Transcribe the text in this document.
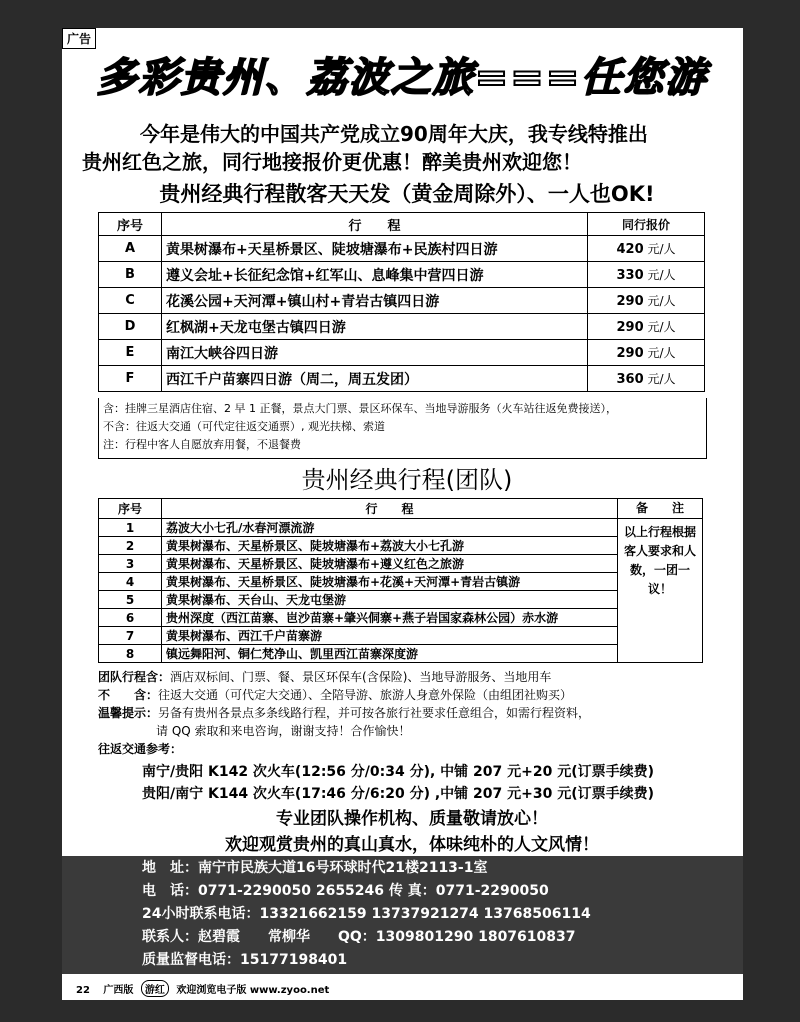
广告
多彩贵州、荔波之旅===任您游
今年是伟大的中国共产党成立90周年大庆，我专线特推出
贵州红色之旅，同行地接报价更优惠！醉美贵州欢迎您！
贵州经典行程散客天天发（黄金周除外）、一人也OK!
序号	行　　程	同行报价
A	黄果树瀑布+天星桥景区、陡坡塘瀑布+民族村四日游	420 元/人
B	遵义会址+长征纪念馆+红军山、息峰集中营四日游	330 元/人
C	花溪公园+天河潭+镇山村+青岩古镇四日游	290 元/人
D	红枫湖+天龙屯堡古镇四日游	290 元/人
E	南江大峡谷四日游	290 元/人
F	西江千户苗寨四日游（周二，周五发团）	360 元/人
含：挂牌三星酒店住宿、2 早 1 正餐，景点大门票、景区环保车、当地导游服务（火车站往返免费接送），
不含：往返大交通（可代定往返交通票）, 观光扶梯、索道
注：行程中客人自愿放弃用餐，不退餐费
贵州经典行程(团队)
序号	行　　程	备　　注
1	荔波大小七孔/水春河漂流游	以上行程根据客人要求和人数，一团一议！
2	黄果树瀑布、天星桥景区、陡坡塘瀑布+荔波大小七孔游	
3	黄果树瀑布、天星桥景区、陡坡塘瀑布+遵义红色之旅游	
4	黄果树瀑布、天星桥景区、陡坡塘瀑布+花溪+天河潭+青岩古镇游	
5	黄果树瀑布、天台山、天龙屯堡游	
6	贵州深度（西江苗寨、岜沙苗寨+肇兴侗寨+燕子岩国家森林公园）赤水游	
7	黄果树瀑布、西江千户苗寨游	
8	镇远舞阳河、铜仁梵净山、凯里西江苗寨深度游	
团队行程含：酒店双标间、门票、餐、景区环保车(含保险)、当地导游服务、当地用车
不　　含：往返大交通（可代定大交通）、全陪导游、旅游人身意外保险（由组团社购买）
温馨提示：另备有贵州各景点多条线路行程，并可按各旅行社要求任意组合，如需行程资料，
请 QQ 索取和来电咨询，谢谢支持！合作愉快！
往返交通参考：
南宁/贵阳 K142 次火车(12:56 分/0:34 分), 中铺 207 元+20 元(订票手续费)
贵阳/南宁 K144 次火车(17:46 分/6:20 分) ,中铺 207 元+30 元(订票手续费)
专业团队操作机构、质量敬请放心！
欢迎观赏贵州的真山真水，体味纯朴的人文风情！
地　址：南宁市民族大道16号环球时代21楼2113-1室
电　话：0771-2290050 2655246 传 真：0771-2290050
24小时联系电话：13321662159 13737921274 13768506114
联系人：赵碧霞　　常柳华　　QQ：1309801290 1807610837
质量监督电话：15177198401
22 广西版 游红 欢迎浏览电子版 www.zyoo.net
